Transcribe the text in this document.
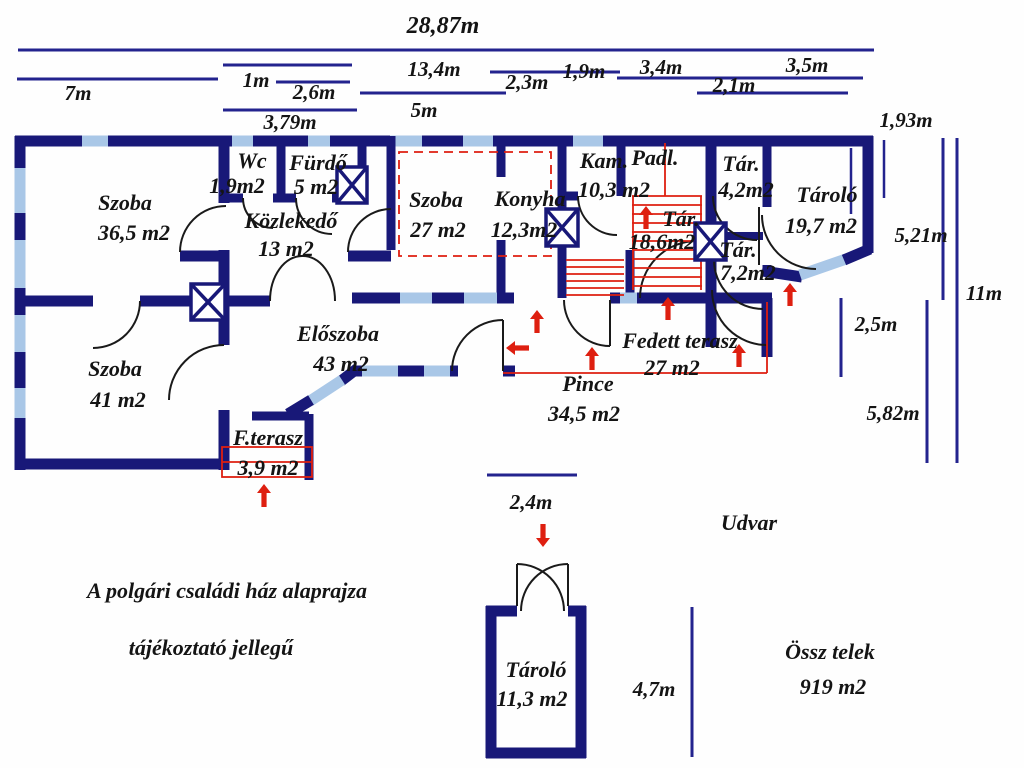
28,87m
7m
1m 2,6m
3,79m
13,4m
5m
2,3m 1,9m 3,4m
2,1m
3,5m
1,93m
5,21m
11m
2,5m
5,82m
2,4m
4,7m
Szoba
36,5 m2
Wc
1,9m2
Fürdő
5 m2
Közlekedő
13 m2
Szoba
27 m2
Konyha
12,3m2
Kam.
10,3 m2
Padl.
Tár.
18,6m2
Tár.
4,2m2 Tároló
19,7 m2
Tár.
7,2m2
Előszoba
43 m2
Szoba
41 m2
F.terasz
3,9 m2
Pince
34,5 m2
Fedett terasz
27 m2
Tároló
11,3 m2
Udvar
Össz telek
919 m2
A polgári családi ház alaprajza
tájékoztató jellegű
